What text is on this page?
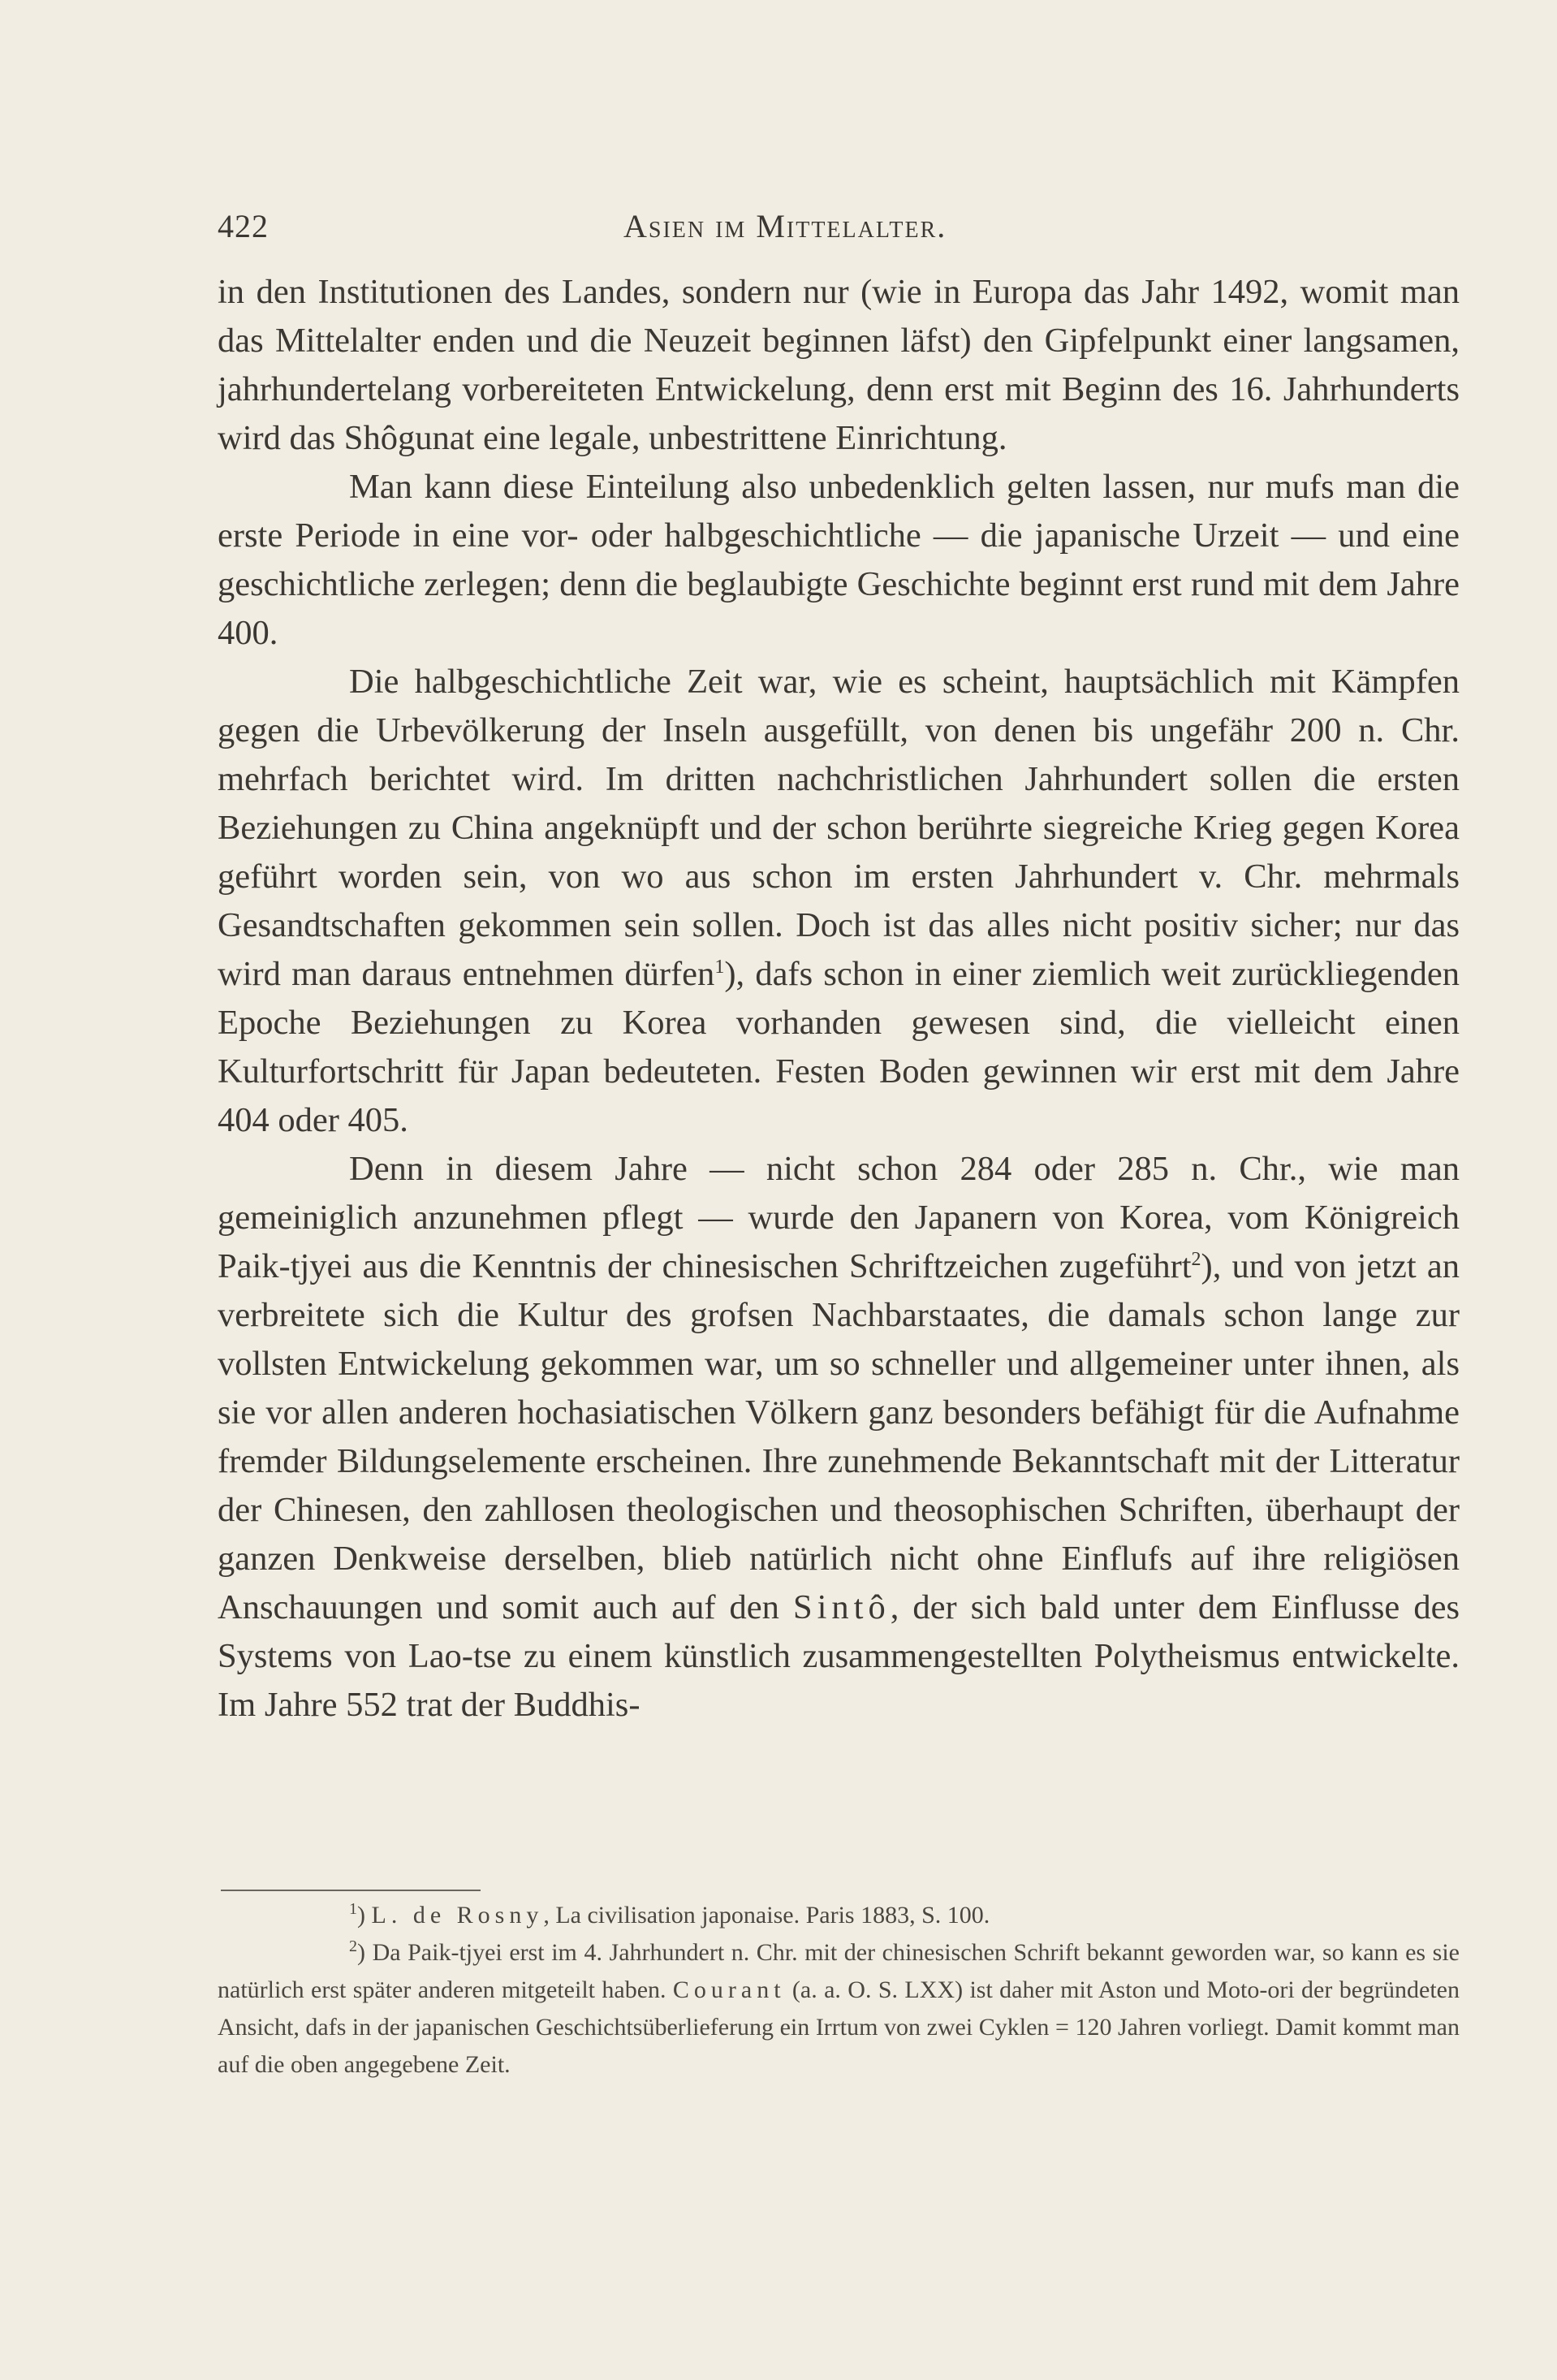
422	Asien im Mittelalter.

in den Institutionen des Landes, sondern nur (wie in Europa das Jahr 1492, womit man das Mittelalter enden und die Neuzeit beginnen läfst) den Gipfelpunkt einer langsamen, jahrhundertelang vorbereiteten Entwickelung, denn erst mit Beginn des 16. Jahrhunderts wird das Shôgunat eine legale, unbestrittene Einrichtung.

Man kann diese Einteilung also unbedenklich gelten lassen, nur mufs man die erste Periode in eine vor- oder halbgeschichtliche — die japanische Urzeit — und eine geschichtliche zerlegen; denn die beglaubigte Geschichte beginnt erst rund mit dem Jahre 400.

Die halbgeschichtliche Zeit war, wie es scheint, hauptsächlich mit Kämpfen gegen die Urbevölkerung der Inseln ausgefüllt, von denen bis ungefähr 200 n. Chr. mehrfach berichtet wird. Im dritten nachchristlichen Jahrhundert sollen die ersten Beziehungen zu China angeknüpft und der schon berührte siegreiche Krieg gegen Korea geführt worden sein, von wo aus schon im ersten Jahrhundert v. Chr. mehrmals Gesandtschaften gekommen sein sollen. Doch ist das alles nicht positiv sicher; nur das wird man daraus entnehmen dürfen$^1$), dafs schon in einer ziemlich weit zurückliegenden Epoche Beziehungen zu Korea vorhanden gewesen sind, die vielleicht einen Kulturfortschritt für Japan bedeuteten. Festen Boden gewinnen wir erst mit dem Jahre 404 oder 405.

Denn in diesem Jahre — nicht schon 284 oder 285 n. Chr., wie man gemeiniglich anzunehmen pflegt — wurde den Japanern von Korea, vom Königreich Paik-tjyei aus die Kenntnis der chinesischen Schriftzeichen zugeführt$^2$), und von jetzt an verbreitete sich die Kultur des grofsen Nachbarstaates, die damals schon lange zur vollsten Entwickelung gekommen war, um so schneller und allgemeiner unter ihnen, als sie vor allen anderen hochasiatischen Völkern ganz besonders befähigt für die Aufnahme fremder Bildungselemente erscheinen. Ihre zunehmende Bekanntschaft mit der Litteratur der Chinesen, den zahllosen theologischen und theosophischen Schriften, überhaupt der ganzen Denkweise derselben, blieb natürlich nicht ohne Einflufs auf ihre religiösen Anschauungen und somit auch auf den Sintô, der sich bald unter dem Einflusse des Systems von Lao-tse zu einem künstlich zusammengestellten Polytheismus entwickelte. Im Jahre 552 trat der Buddhis-

$^1$) L. de Rosny, La civilisation japonaise. Paris 1883, S. 100.

$^2$) Da Paik-tjyei erst im 4. Jahrhundert n. Chr. mit der chinesischen Schrift bekannt geworden war, so kann es sie natürlich erst später anderen mitgeteilt haben. Courant (a. a. O. S. LXX) ist daher mit Aston und Moto-ori der begründeten Ansicht, dafs in der japanischen Geschichtsüberlieferung ein Irrtum von zwei Cyklen = 120 Jahren vorliegt. Damit kommt man auf die oben angegebene Zeit.
